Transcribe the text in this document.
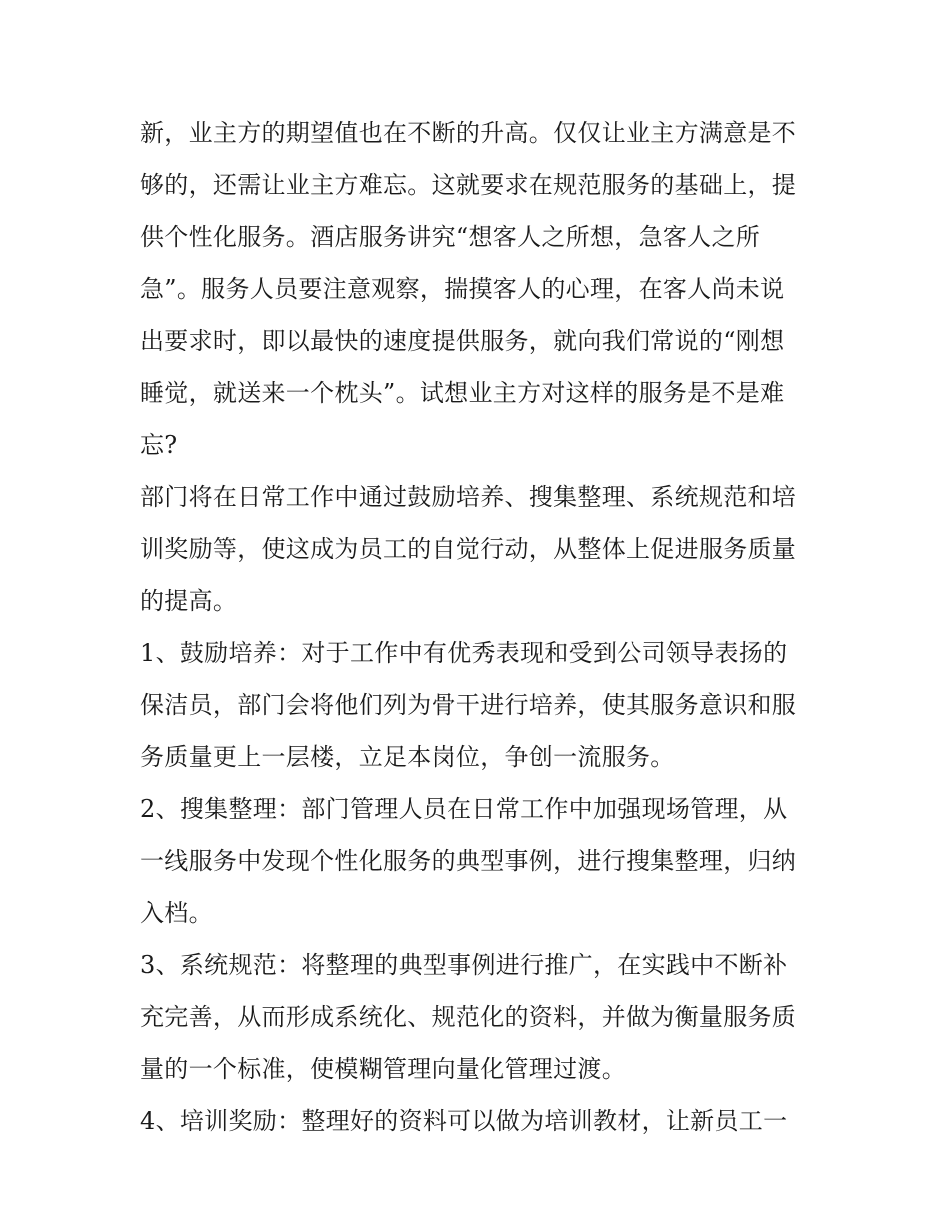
新，业主方的期望值也在不断的升高。仅仅让业主方满意是不
够的，还需让业主方难忘。这就要求在规范服务的基础上，提
供个性化服务。酒店服务讲究“想客人之所想，急客人之所
急”。服务人员要注意观察，揣摸客人的心理，在客人尚未说
出要求时，即以最快的速度提供服务，就向我们常说的“刚想
睡觉，就送来一个枕头”。试想业主方对这样的服务是不是难
忘?
部门将在日常工作中通过鼓励培养、搜集整理、系统规范和培
训奖励等，使这成为员工的自觉行动，从整体上促进服务质量
的提高。
1、鼓励培养：对于工作中有优秀表现和受到公司领导表扬的
保洁员，部门会将他们列为骨干进行培养，使其服务意识和服
务质量更上一层楼，立足本岗位，争创一流服务。
2、搜集整理：部门管理人员在日常工作中加强现场管理，从
一线服务中发现个性化服务的典型事例，进行搜集整理，归纳
入档。
3、系统规范：将整理的典型事例进行推广，在实践中不断补
充完善，从而形成系统化、规范化的资料，并做为衡量服务质
量的一个标准，使模糊管理向量化管理过渡。
4、培训奖励：整理好的资料可以做为培训教材，让新员工一
